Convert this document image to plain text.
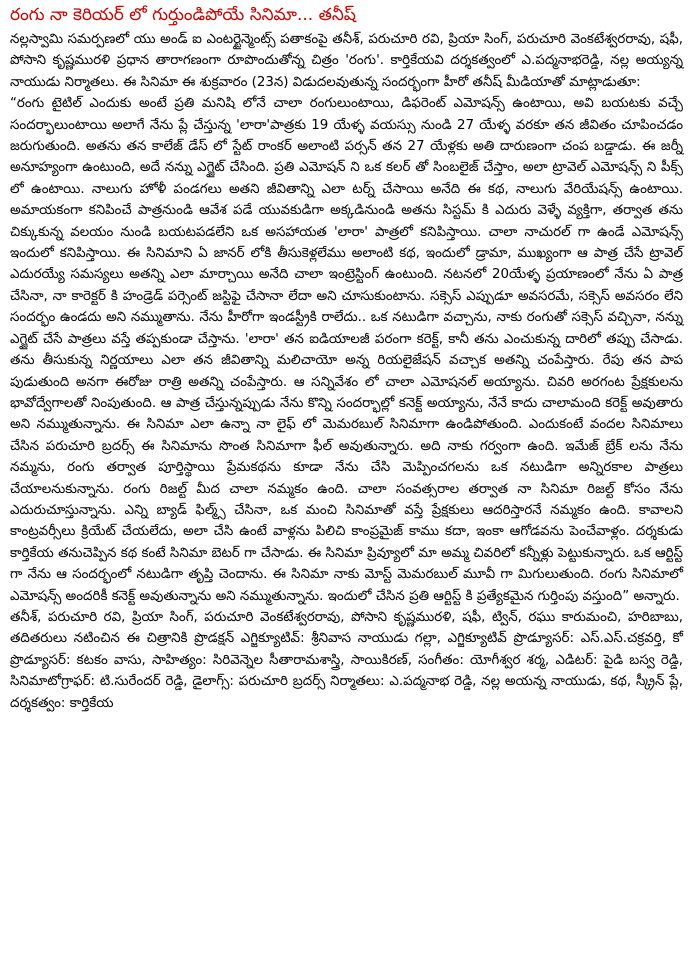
రంగు నా కెరియర్ లో గుర్తుండిపోయే సినిమా... తనీష్

నల్లస్వామి సమర్పణలో యు అండ్ ఐ ఎంటర్టైన్మెంట్స్ పతాకంపై తనీశ్, పరుచూరి రవి, ప్రియా సింగ్, పరుచూరి వెంకటేశ్వరరావు, షఫీ, పోసాని కృష్ణమురళి ప్రధాన తారాగణంగా రూపొందుతోన్న చిత్రం 'రంగు'. కార్తికేయవి దర్శకత్వంలో ఎ.పద్మనాభరెడ్డి, నల్ల అయ్యన్న నాయుడు నిర్మాతలు. ఈ సినిమా ఈ శుక్రవారం (23న) విడుదలవుతున్న సందర్భంగా హీరో తనీష్ మీడియాతో మాట్లాడుతూ:

“రంగు టైటిల్ ఎందుకు అంటే ప్రతి మనిషి లోనే చాలా రంగులుంటాయి, డిఫరెంట్ ఎమోషన్స్ ఉంటాయి, అవి బయటకు వచ్చే సందర్భాలుంటాయి అలాగే నేను ప్లే చేస్తున్న 'లారా'పాత్రకు 19 యేళ్ళ వయస్సు నుండి 27 యేళ్ళ వరకూ తన జీవితం చూపించడం జరుగుతుంది. అతను తన కాలేజ్ డేస్ లో స్టేట్ రాంకర్ అలాంటి పర్సన్ తన 27 యేళ్లకు అతి దారుణంగా చంప బడ్డాడు. ఈ జర్నీ అనూహ్యంగా ఉంటుంది, అదే నన్ను ఎగ్జైట్ చేసింది. ప్రతి ఎమోషన్ ని ఒక కలర్ తో సింబలైజ్ చేస్తాం, అలా ట్రావెల్ ఎమోషన్స్ ని పీక్స్ లో ఉంటాయి. నాలుగు హోళీ పండగలు అతని జీవితాన్ని ఎలా టర్న్ చేసాయి అనేది ఈ కథ, నాలుగు వేరియేషన్స్ ఉంటాయి. అమాయకంగా కనిపించే పాత్రనుండి ఆవేశ పడే యువకుడిగా అక్కడినుండి అతను సిస్టమ్ కి ఎదురు వెళ్ళే వ్యక్తిగా, తర్వాత తను చిక్కుకున్న వలయం నుండి బయటపడలేని ఒక అసహాయత 'లారా' పాత్రలో కనిపిస్తాయి. చాలా నాచురల్ గా ఉండే ఎమోషన్స్ ఇందులో కనిపిస్తాయి. ఈ సినిమాని ఏ జానర్ లోకి తీసుకెళ్లలేము అలాంటి కథ, ఇందులో డ్రామా, ముఖ్యంగా ఆ పాత్ర చేసే ట్రావెల్ ఎదురయ్యే సమస్యలు అతన్ని ఎలా మార్చాయి అనేది చాలా ఇంట్రెస్టింగ్ ఉంటుంది. నటనలో 20యేళ్ళ ప్రయాణంలో నేను ఏ పాత్ర చేసినా, నా కారెక్టర్ కి హండ్రెడ్ పర్సెంట్ జస్టిఫై చేసానా లేదా అని చూసుకుంటాను. సక్సెస్ ఎప్పుడూ అవసరమే, సక్సెస్ అవసరం లేని సందర్భం ఉండదు అని నమ్ముతాను. నేను హీరోగా ఇండస్ట్రీకి రాలేదు.. ఒక నటుడిగా వచ్చాను, నాకు రంగుతో సక్సెస్ వచ్చినా, నన్ను ఎగ్జైట్ చేసే పాత్రలు వస్తే తప్పకుండా చేస్తాను. 'లారా' తన ఐడియాలజీ పరంగా కరెక్ట్, కానీ తను ఎంచుకున్న దారిలో తప్పు చేసాడు. తను తీసుకున్న నిర్ణయాలు ఎలా తన జీవితాన్ని మలిచాయో అన్న రియలైజేషన్ వచ్చాక అతన్ని చంపేస్తారు. రేపు తన పాప పుడుతుంది అనగా ఈరోజు రాత్రి అతన్ని చంపేస్తారు. ఆ సన్నివేశం లో చాలా ఎమోషనల్ అయ్యాను. చివరి అరగంట ప్రేక్షకులను భావోద్వేగాలతో నింపుతుంది. ఆ పాత్ర చేస్తున్నప్పుడు నేను కొన్ని సందర్భాల్లో కనెక్ట్ అయ్యాను, నేనే కాదు చాలామంది కరెక్ట్ అవుతారు అని నమ్ముతున్నాను. ఈ సినిమా ఎలా ఉన్నా నా లైఫ్ లో మెమరబుల్ సినిమాగా ఉండిపోతుంది. ఎందుకంటే వందల సినిమాలు చేసిన పరుచూరి బ్రదర్స్ ఈ సినిమాను సొంత సినిమాగా ఫీల్ అవుతున్నారు. అది నాకు గర్వంగా ఉంది. ఇమేజ్ బ్రేక్ లను నేను నమ్మను, రంగు తర్వాత పూర్తిస్థాయి ప్రేమకథను కూడా నేను చేసి మెప్పించగలను ఒక నటుడిగా అన్నిరకాల పాత్రలు చేయాలనుకున్నాను. రంగు రిజల్ట్ మీద చాలా నమ్మకం ఉంది. చాలా సంవత్సరాల తర్వాత నా సినిమా రిజల్ట్ కోసం నేను ఎదురుచూస్తున్నాను. ఎన్ని బ్యాడ్ ఫిల్మ్స్ చేసినా, ఒక మంచి సినిమాతో వస్తే ప్రేక్షకులు ఆదరిస్తారనే నమ్మకం ఉంది. కావాలని కాంట్రవర్సీలు క్రియేట్ చేయలేదు, అలా చేసి ఉంటే వాళ్లను పిలిచి కాంప్రమైజ్ కాము కదా, ఇంకా ఆగోడవను పెంచేవాళ్లం. దర్శకుడు కార్తికేయ తనుచెప్పిన కథ కంటే సినిమా బెటర్ గా చేసాడు. ఈ సినిమా ప్రివ్యూలో మా అమ్మ చివరిలో కన్నీళ్లు పెట్టుకున్నారు. ఒక ఆర్టిస్ట్ గా నేను ఆ సందర్భంలో నటుడిగా తృప్తి చెందాను. ఈ సినిమా నాకు మోస్ట్ మెమరబుల్ మూవీ గా మిగులుతుంది. రంగు సినిమాలో ఎమోషన్స్ అందరికీ కనెక్ట్ అవుతున్నాను అని నమ్ముతున్నాను. ఇందులో చేసిన ప్రతి ఆర్టిస్ట్ కి ప్రత్యేకమైన గుర్తింపు వస్తుంది” అన్నారు.

తనీశ్, పరుచూరి రవి, ప్రియా సింగ్, పరుచూరి వెంకటేశ్వరరావు, పోసాని కృష్ణమురళి, షఫీ, ట్విన్, రఘు కారుమంచి, హరిబాబు, తదితరులు నటించిన ఈ చిత్రానికి ప్రొడక్షన్ ఎగ్జిక్యూటివ్: శ్రీనివాస నాయుడు గల్లా, ఎగ్జిక్యూటివ్ ప్రొడ్యూసర్: ఎస్.ఎస్.చక్రవర్తి, కో ప్రొడ్యూసర్: కటకం వాసు, సాహిత్యం: సిరివెన్నెల సీతారామశాస్త్రి, సాయికిరణ్, సంగీతం: యోగీశ్వర శర్మ, ఎడిటర్: పైడి బస్వ రెడ్డి, సినిమాటోగ్రాఫర్: టి.సురేందర్ రెడ్డి, డైలాగ్స్: పరుచూరి బ్రదర్స్ నిర్మాతలు: ఎ.పద్మనాభ రెడ్డి, నల్ల అయన్న నాయుడు, కథ, స్క్రీన్ ప్లే, దర్శకత్వం: కార్తికేయ
